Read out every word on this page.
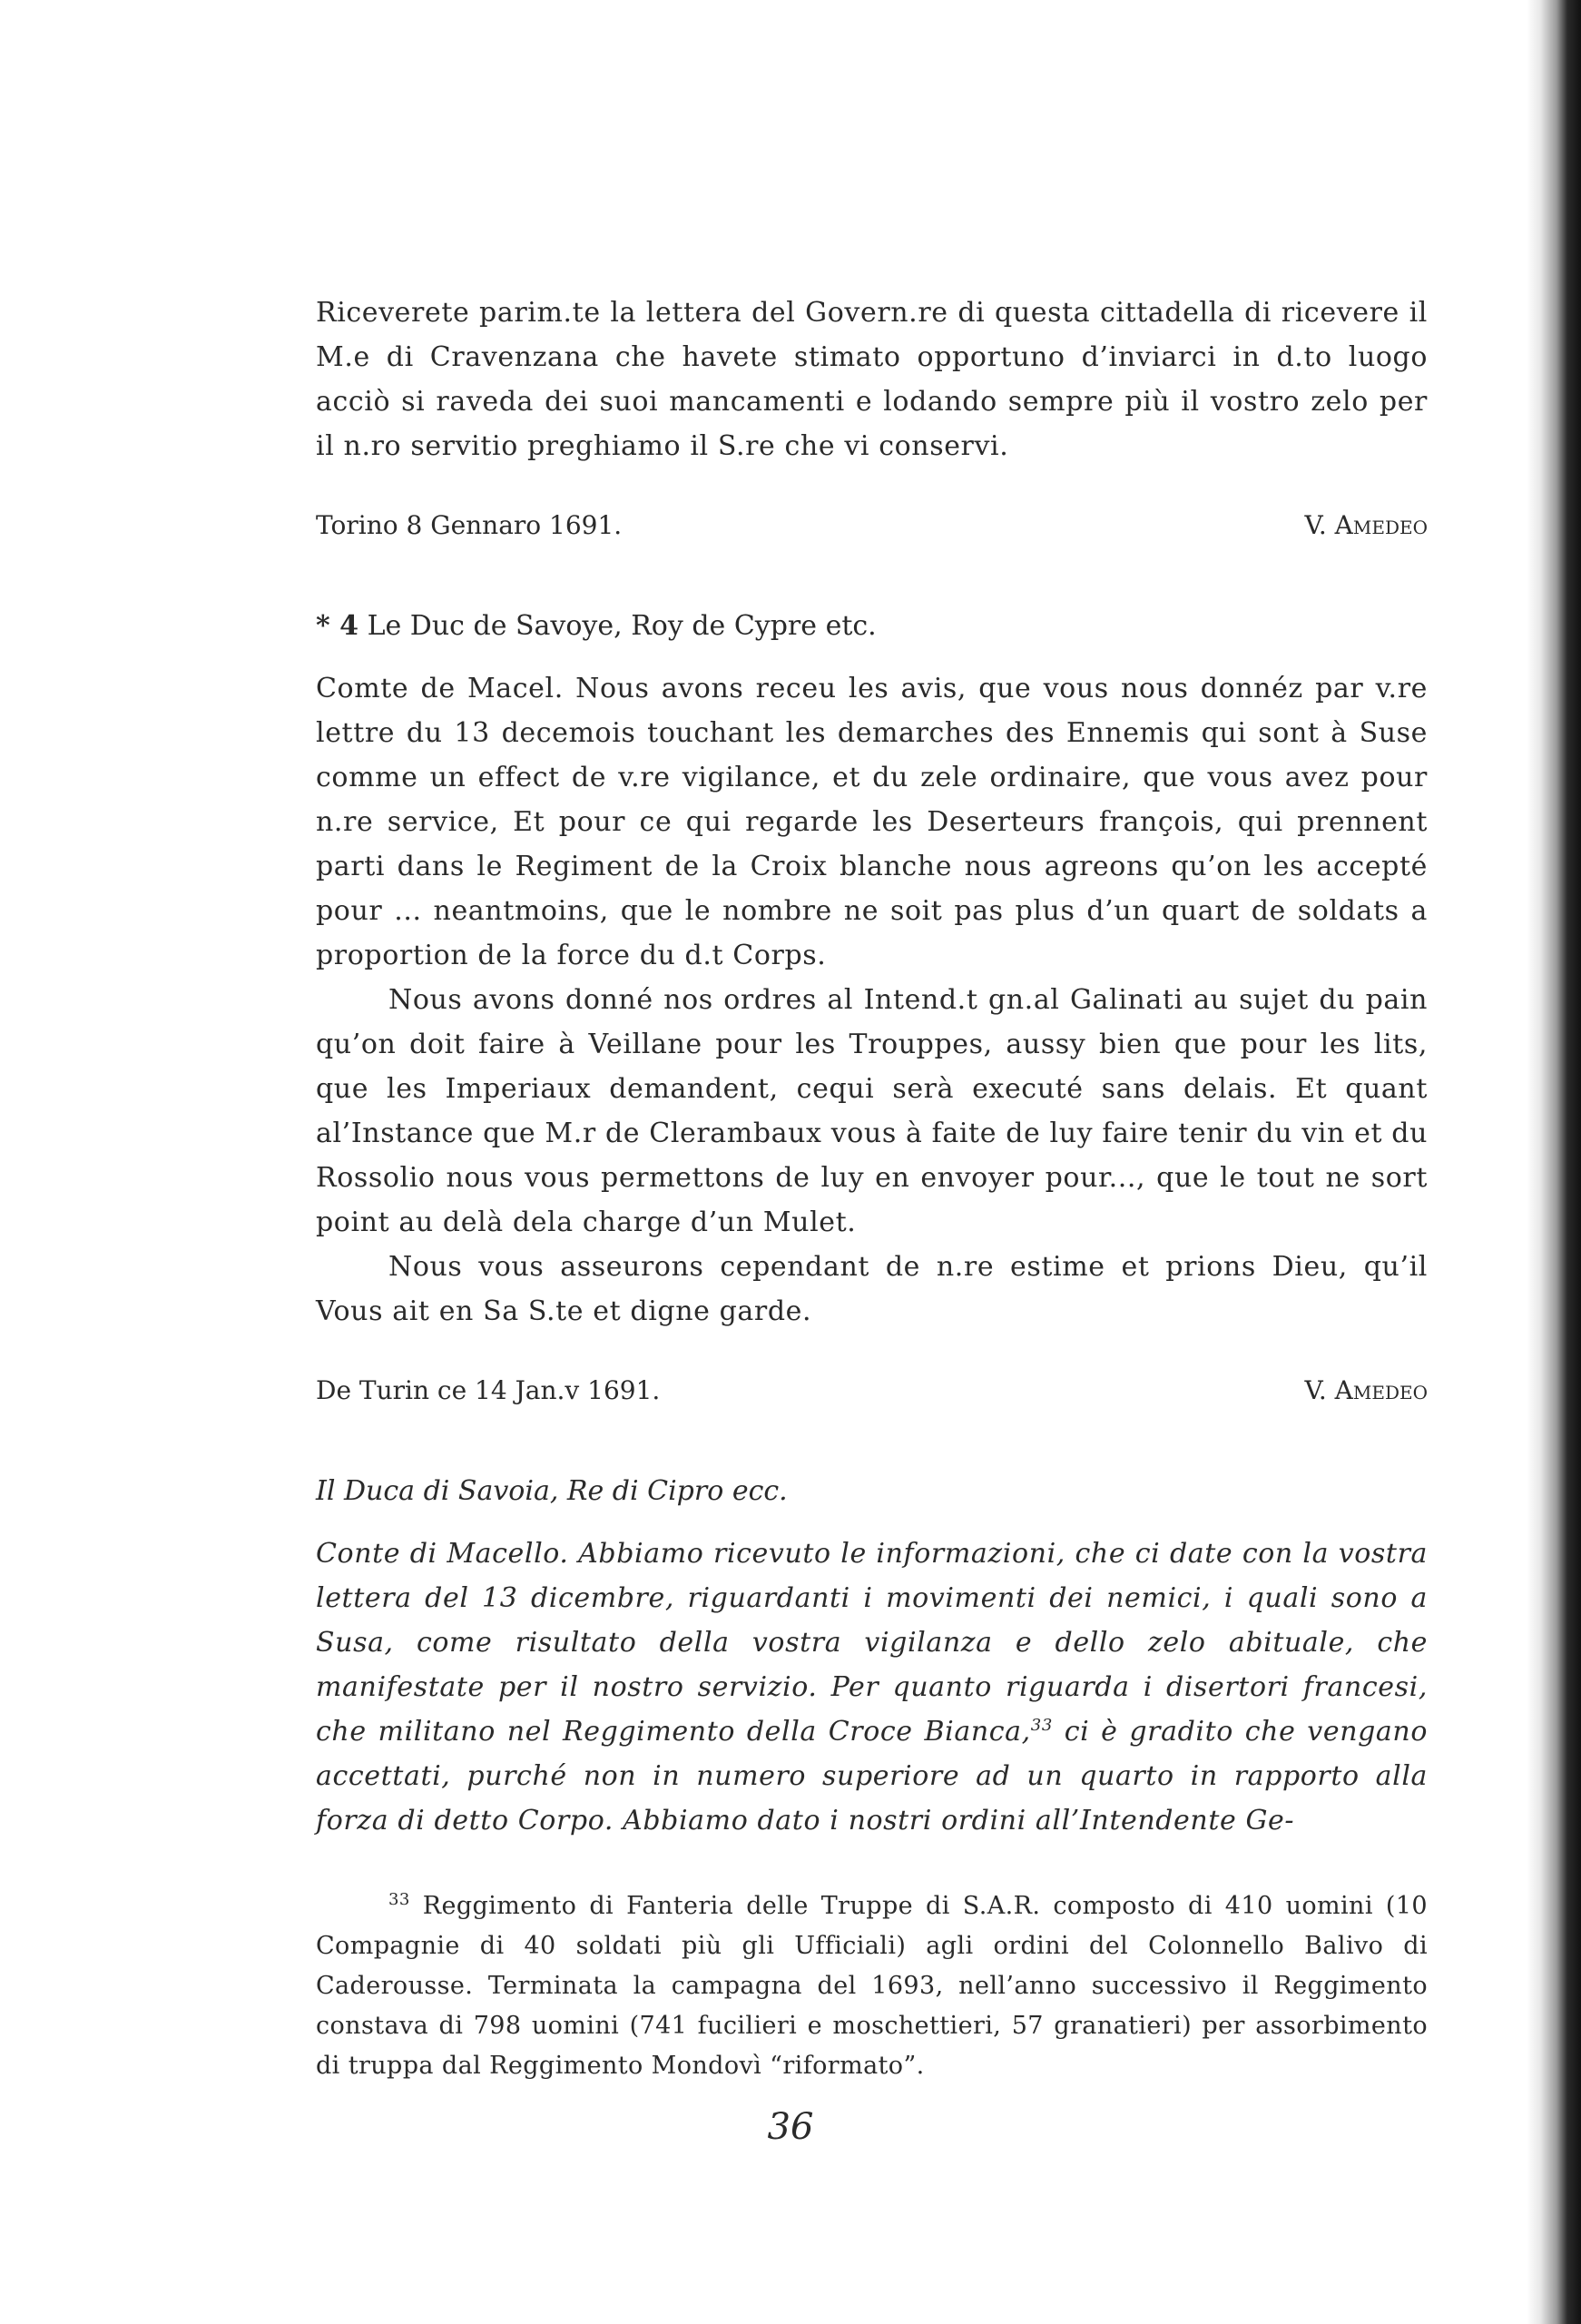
Riceverete parim.te la lettera del Govern.re di questa cittadella di ricevere il M.e di Cravenzana che havete stimato opportuno d’inviarci in d.to luogo acciò si raveda dei suoi mancamenti e lodando sempre più il vostro zelo per il n.ro servitio preghiamo il S.re che vi conservi.

Torino 8 Gennaro 1691.	V. Amedeo

* 4 Le Duc de Savoye, Roy de Cypre etc.

Comte de Macel. Nous avons receu les avis, que vous nous donnéz par v.re lettre du 13 decemois touchant les demarches des Ennemis qui sont à Suse comme un effect de v.re vigilance, et du zele ordinaire, que vous avez pour n.re service, Et pour ce qui regarde les Deserteurs françois, qui prennent parti dans le Regiment de la Croix blanche nous agreons qu’on les accepté pour ... neantmoins, que le nombre ne soit pas plus d’un quart de soldats a proportion de la force du d.t Corps.

Nous avons donné nos ordres al Intend.t gn.al Galinati au sujet du pain qu’on doit faire à Veillane pour les Trouppes, aussy bien que pour les lits, que les Imperiaux demandent, cequi serà executé sans delais. Et quant al’Instance que M.r de Clerambaux vous à faite de luy faire tenir du vin et du Rossolio nous vous permettons de luy en envoyer pour..., que le tout ne sort point au delà dela charge d’un Mulet.

Nous vous asseurons cependant de n.re estime et prions Dieu, qu’il Vous ait en Sa S.te et digne garde.

De Turin ce 14 Jan.v 1691.	V. Amedeo

Il Duca di Savoia, Re di Cipro ecc.

Conte di Macello. Abbiamo ricevuto le informazioni, che ci date con la vostra lettera del 13 dicembre, riguardanti i movimenti dei nemici, i quali sono a Susa, come risultato della vostra vigilanza e dello zelo abituale, che manifestate per il nostro servizio. Per quanto riguarda i disertori francesi, che militano nel Reggimento della Croce Bianca,$^{33}$ ci è gradito che vengano accettati, purché non in numero superiore ad un quarto in rapporto alla forza di detto Corpo. Abbiamo dato i nostri ordini all’Intendente Ge-

$^{33}$ Reggimento di Fanteria delle Truppe di S.A.R. composto di 410 uomini (10 Compagnie di 40 soldati più gli Ufficiali) agli ordini del Colonnello Balivo di Caderousse. Terminata la campagna del 1693, nell’anno successivo il Reggimento constava di 798 uomini (741 fucilieri e moschettieri, 57 granatieri) per assorbimento di truppa dal Reggimento Mondovì “riformato”.

36
